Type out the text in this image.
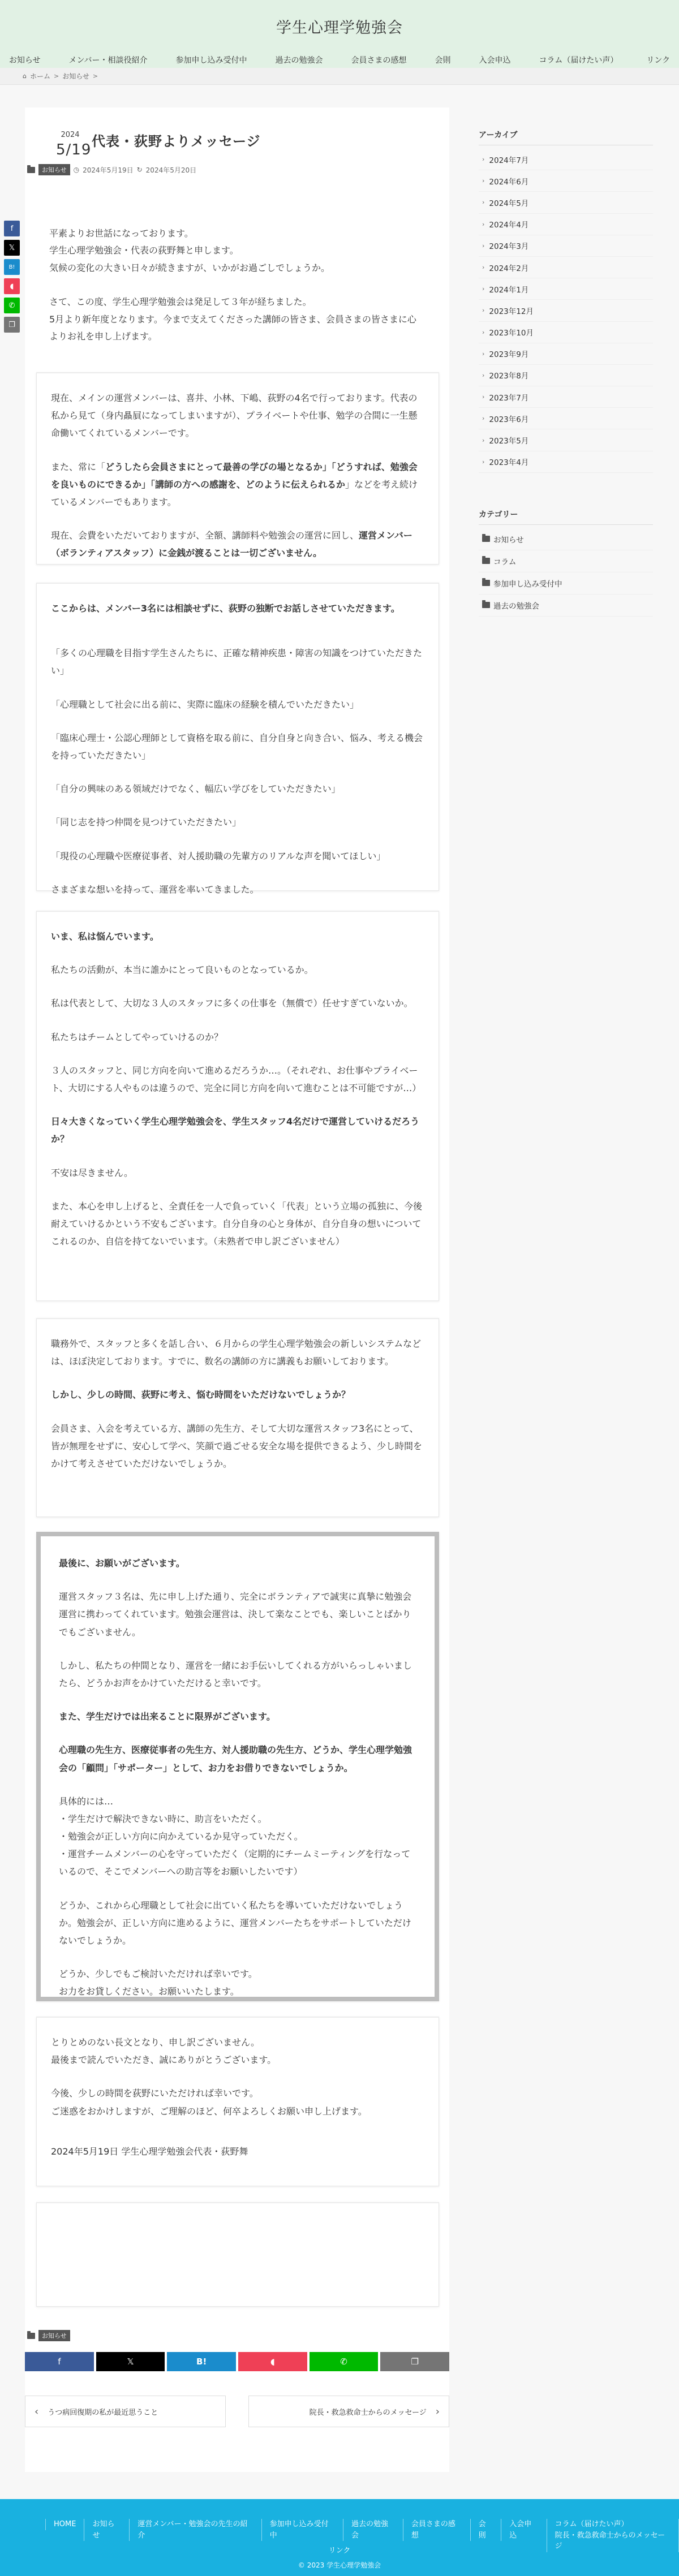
学生心理学勉強会
お知らせ	メンバー・相談役紹介	参加申し込み受付中	過去の勉強会	会員さまの感想	会則	入会申込	コラム（届けたい声）	リンク
⌂ ホーム > お知らせ >
f
𝕏
B!
◖
✆
❐
2024
5/19 代表・荻野よりメッセージ
お知らせ	◷ 2024年5月19日 ↻ 2024年5月20日

平素よりお世話になっております。
学生心理学勉強会・代表の荻野舞と申します。
気候の変化の大きい日々が続きますが、いかがお過ごしでしょうか。

さて、この度、学生心理学勉強会は発足して３年が経ちました。
5月より新年度となります。今まで支えてくださった講師の皆さま、会員さまの皆さまに心よりお礼を申し上げます。

現在、メインの運営メンバーは、喜井、小林、下嶋、荻野の4名で行っております。代表の私から見て（身内贔屓になってしまいますが）、プライベートや仕事、勉学の合間に一生懸命働いてくれているメンバーです。

また、常に「どうしたら会員さまにとって最善の学びの場となるか」「どうすれば、勉強会を良いものにできるか」「講師の方への感謝を、どのように伝えられるか」などを考え続けているメンバーでもあります。

現在、会費をいただいておりますが、全額、講師料や勉強会の運営に回し、運営メンバー（ボランティアスタッフ）に金銭が渡ることは一切ございません。

ここからは、メンバー3名には相談せずに、荻野の独断でお話しさせていただきます。

「多くの心理職を目指す学生さんたちに、正確な精神疾患・障害の知識をつけていただきたい」

「心理職として社会に出る前に、実際に臨床の経験を積んでいただきたい」

「臨床心理士・公認心理師として資格を取る前に、自分自身と向き合い、悩み、考える機会を持っていただきたい」

「自分の興味のある領域だけでなく、幅広い学びをしていただきたい」

「同じ志を持つ仲間を見つけていただきたい」

「現役の心理職や医療従事者、対人援助職の先輩方のリアルな声を聞いてほしい」

さまざまな想いを持って、運営を率いてきました。

いま、私は悩んでいます。

私たちの活動が、本当に誰かにとって良いものとなっているか。

私は代表として、大切な３人のスタッフに多くの仕事を（無償で）任せすぎていないか。

私たちはチームとしてやっていけるのか？

３人のスタッフと、同じ方向を向いて進めるだろうか…。（それぞれ、お仕事やプライベート、大切にする人やものは違うので、完全に同じ方向を向いて進むことは不可能ですが…）

日々大きくなっていく学生心理学勉強会を、学生スタッフ4名だけで運営していけるだろうか？

不安は尽きません。

また、本心を申し上げると、全責任を一人で負っていく「代表」という立場の孤独に、今後耐えていけるかという不安もございます。自分自身の心と身体が、自分自身の想いについてこれるのか、自信を持てないでいます。（未熟者で申し訳ございません）

職務外で、スタッフと多くを話し合い、６月からの学生心理学勉強会の新しいシステムなどは、ほぼ決定しております。すでに、数名の講師の方に講義もお願いしております。

しかし、少しの時間、荻野に考え、悩む時間をいただけないでしょうか？

会員さま、入会を考えている方、講師の先生方、そして大切な運営スタッフ3名にとって、皆が無理をせずに、安心して学べ、笑顔で過ごせる安全な場を提供できるよう、少し時間をかけて考えさせていただけないでしょうか。

最後に、お願いがございます。

運営スタッフ３名は、先に申し上げた通り、完全にボランティアで誠実に真摯に勉強会運営に携わってくれています。勉強会運営は、決して楽なことでも、楽しいことばかりでもございません。

しかし、私たちの仲間となり、運営を一緒にお手伝いしてくれる方がいらっしゃいましたら、どうかお声をかけていただけると幸いです。

また、学生だけでは出来ることに限界がございます。

心理職の先生方、医療従事者の先生方、対人援助職の先生方、どうか、学生心理学勉強会の「顧問」「サポーター」として、お力をお借りできないでしょうか。

具体的には…
・学生だけで解決できない時に、助言をいただく。
・勉強会が正しい方向に向かえているか見守っていただく。
・運営チームメンバーの心を守っていただく（定期的にチームミーティングを行なっているので、そこでメンバーへの助言等をお願いしたいです）

どうか、これから心理職として社会に出ていく私たちを導いていただけないでしょうか。勉強会が、正しい方向に進めるように、運営メンバーたちをサポートしていただけないでしょうか。

どうか、少しでもご検討いただければ幸いです。
お力をお貸しください。お願いいたします。

とりとめのない長文となり、申し訳ございません。
最後まで読んでいただき、誠にありがとうございます。

今後、少しの時間を荻野にいただければ幸いです。
ご迷惑をおかけしますが、ご理解のほど、何卒よろしくお願い申し上げます。

2024年5月19日 学生心理学勉強会代表・荻野舞

お知らせ
f	𝕏	B!	◖	✆	❐
‹	うつ病回復期の私が最近思うこと	院長・救急救命士からのメッセージ ›
アーカイブ
› 2024年7月
› 2024年6月
› 2024年5月
› 2024年4月
› 2024年3月
› 2024年2月
› 2024年1月
› 2023年12月
› 2023年10月
› 2023年9月
› 2023年8月
› 2023年7月
› 2023年6月
› 2023年5月
› 2023年4月
カテゴリー
お知らせ
コラム
参加申し込み受付中
過去の勉強会
HOME	お知らせ
運営メンバー・勉強会の先生の紹介
参加申し込み受付中
過去の勉強会
会員さまの感想
会則
入会申込
コラム（届けたい声）
院長・救急救命士からのメッセージ
リンク
© 2023 学生心理学勉強会
